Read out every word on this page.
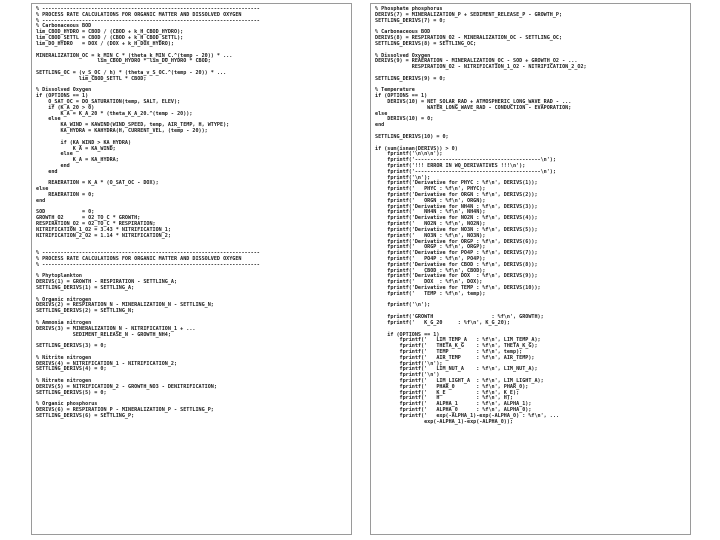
% -----------------------------------------------------------------------
% PROCESS RATE CALCULATIONS FOR ORGANIC MATTER AND DISSOLVED OXYGEN
% -----------------------------------------------------------------------
% Carbonaceous BOD
lim_CBOD_HYDRO = CBOD / (CBOD + k_H_CBOD_HYDRO);
lim_CBOD_SETTL = CBOD / (CBOD + k_H_CBOD_SETTL);
lim_DO_HYDRO   = DOX / (DOX + k_H_DOX_HYDRO);

MINERALIZATION_OC = k_MIN_C * (theta_k_MIN_C.^(temp - 20)) * ...
lim_CBOD_HYDRO * lim_DO_HYDRO * CBOD;

SETTLING_OC = (v_S_OC / h) * (theta_v_S_OC.^(temp - 20)) * ...
lim_CBOD_SETTL * CBOD;

% Dissolved Oxygen
if (OPTIONS == 1)
O_SAT_OC = DO_SATURATION(temp, SALT, ELEV);
if (K_A_20 > 0)
K_A = K_A_20 * (theta_K_A_20.^(temp - 20));
else
KA_WIND = KAWIND(WIND_SPEED, temp, AIR_TEMP, H, WTYPE);
KA_HYDRA = KAHYDRA(H, CURRENT_VEL, (temp - 20));

if (KA_WIND > KA_HYDRA)
K_A = KA_WIND;
else
K_A = KA_HYDRA;
end
end

REAERATION = K_A * (O_SAT_OC - DOX);
else
REAERATION = 0;
end

SOD            = 0;
GROWTH_O2      = O2_TO_C * GROWTH;
RESPIRATION_O2 = O2_TO_C * RESPIRATION;
NITRIFICATION_1_O2 = 3.43 * NITRIFICATION_1;
NITRIFICATION_2_O2 = 1.14 * NITRIFICATION_2;

% -----------------------------------------------------------------------
% PROCESS RATE CALCULATIONS FOR ORGANIC MATTER AND DISSOLVED OXYGEN
% -----------------------------------------------------------------------

% Phytoplankton
DERIVS(1) = GROWTH - RESPIRATION - SETTLING_A;
SETTLING_DERIVS(1) = SETTLING_A;

% Organic nitrogen
DERIVS(2) = RESPIRATION_N - MINERALIZATION_N - SETTLING_N;
SETTLING_DERIVS(2) = SETTLING_N;

% Ammonia nitrogen
DERIVS(3) = MINERALIZATION_N - NITRIFICATION_1 + ...
SEDIMENT_RELEASE_N - GROWTH_NH4;

SETTLING_DERIVS(3) = 0;

% Nitrite nitrogen
DERIVS(4) = NITRIFICATION_1 - NITRIFICATION_2;
SETTLING_DERIVS(4) = 0;

% Nitrate nitrogen
DERIVS(5) = NITRIFICATION_2 - GROWTH_NO3 - DENITRIFICATION;
SETTLING_DERIVS(5) = 0;

% Organic phosphorus
DERIVS(6) = RESPIRATION_P - MINERALIZATION_P - SETTLING_P;
SETTLING_DERIVS(6) = SETTLING_P;
% Phosphate phosphorus
DERIVS(7) = MINERALIZATION_P + SEDIMENT_RELEASE_P - GROWTH_P;
SETTLING_DERIVS(7) = 0;

% Carbonaceous BOD
DERIVS(8) = RESPIRATION_O2 - MINERALIZATION_OC - SETTLING_OC;
SETTLING_DERIVS(8) = SETTLING_OC;

% Dissolved Oxygen
DERIVS(9) = REAERATION - MINERALIZATION_OC - SOD + GROWTH_O2 - ...
RESPIRATION_O2 - NITRIFICATION_1_O2 - NITRIFICATION_2_O2;

SETTLING_DERIVS(9) = 0;

% Temperature
if (OPTIONS == 1)
DERIVS(10) = NET_SOLAR_RAD + ATMOSPHERIC_LONG_WAVE_RAD - ...
WATER_LONG_WAVE_RAD - CONDUCTION - EVAPORATION;
else
DERIVS(10) = 0;
end

SETTLING_DERIVS(10) = 0;

if (sum(isnan(DERIVS)) > 0)
fprintf('\n\n\n');
fprintf('-----------------------------------------\n');
fprintf('!!! ERROR IN WQ_DERIVATIVES !!!\n');
fprintf('-----------------------------------------\n');
fprintf('\n');
fprintf('Derivative for PHYC : %f\n', DERIVS(1));
fprintf('   PHYC : %f\n', PHYC);
fprintf('Derivative for ORGN : %f\n', DERIVS(2));
fprintf('   ORGN : %f\n', ORGN);
fprintf('Derivative for NH4N : %f\n', DERIVS(3));
fprintf('   NH4N : %f\n', NH4N);
fprintf('Derivative for NO2N : %f\n', DERIVS(4));
fprintf('   NO2N : %f\n', NO2N);
fprintf('Derivative for NO3N : %f\n', DERIVS(5));
fprintf('   NO3N : %f\n', NO3N);
fprintf('Derivative for ORGP : %f\n', DERIVS(6));
fprintf('   ORGP : %f\n', ORGP);
fprintf('Derivative for PO4P : %f\n', DERIVS(7));
fprintf('   PO4P : %f\n', PO4P);
fprintf('Derivative for CBOD : %f\n', DERIVS(8));
fprintf('   CBOD : %f\n', CBOD);
fprintf('Derivative for DOX  : %f\n', DERIVS(9));
fprintf('   DOX  : %f\n', DOX);
fprintf('Derivative for TEMP : %f\n', DERIVS(10));
fprintf('   TEMP : %f\n', temp);

fprintf('\n');

fprintf('GROWTH                   : %f\n', GROWTH);
fprintf('   K_G_20     : %f\n', K_G_20);

if (OPTIONS == 1)
fprintf('   LIM_TEMP_A   : %f\n', LIM_TEMP_A);
fprintf('   THETA_K_G    : %f\n', THETA_K_G);
fprintf('   TEMP         : %f\n', temp);
fprintf('   AIR_TEMP     : %f\n', AIR_TEMP);
fprintf('\n');
fprintf('   LIM_NUT_A    : %f\n', LIM_NUT_A);
fprintf('\n')
fprintf('   LIM_LIGHT_A  : %f\n', LIM_LIGHT_A);
fprintf('   PHAR_0       : %f\n', PHAR_0);
fprintf('   K_E          : %f\n', K_E);
fprintf('   H            : %f\n', H);
fprintf('   ALPHA_1      : %f\n', ALPHA_1);
fprintf('   ALPHA_0      : %f\n', ALPHA_0);
fprintf('   exp(-ALPHA_1)-exp(-ALPHA_0) : %f\n', ...
exp(-ALPHA_1)-exp(-ALPHA_0));
